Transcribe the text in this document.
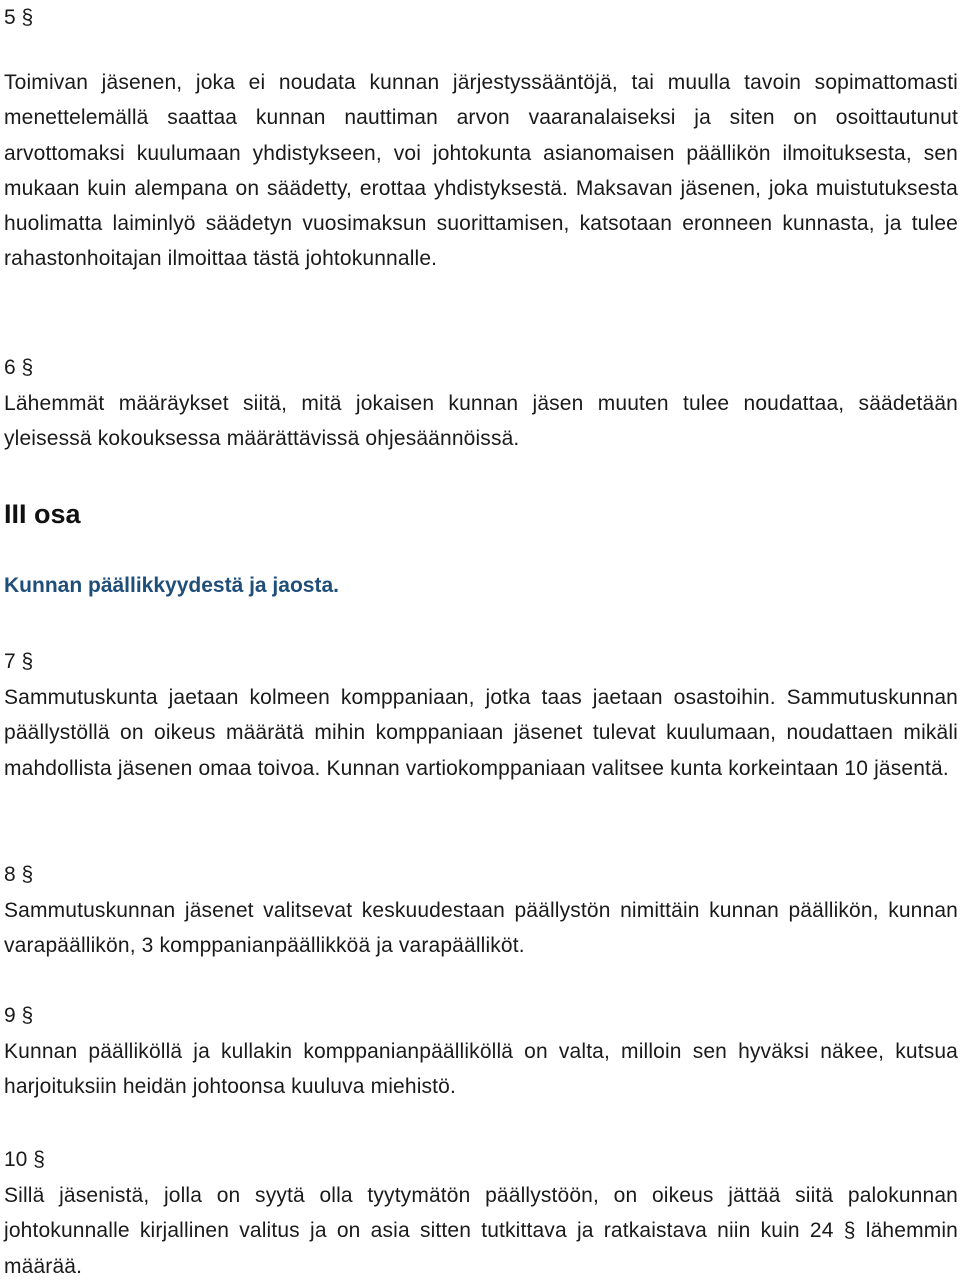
5 §

Toimivan jäsenen, joka ei noudata kunnan järjestyssääntöjä, tai muulla tavoin sopimattomasti menettelemällä saattaa kunnan nauttiman arvon vaaranalaiseksi ja siten on osoittautunut arvottomaksi kuulumaan yhdistykseen, voi johtokunta asianomaisen päällikön ilmoituksesta, sen mukaan kuin alempana on säädetty, erottaa yhdistyksestä. Maksavan jäsenen, joka muistutuksesta huolimatta laiminlyö säädetyn vuosimaksun suorittamisen, katsotaan eronneen kunnasta, ja tulee rahastonhoitajan ilmoittaa tästä johtokunnalle.

6 §

Lähemmät määräykset siitä, mitä jokaisen kunnan jäsen muuten tulee noudattaa, säädetään yleisessä kokouksessa määrättävissä ohjesäännöissä.

III osa

Kunnan päällikkyydestä ja jaosta.

7 §

Sammutuskunta jaetaan kolmeen komppaniaan, jotka taas jaetaan osastoihin. Sammutuskunnan päällystöllä on oikeus määrätä mihin komppaniaan jäsenet tulevat kuulumaan, noudattaen mikäli mahdollista jäsenen omaa toivoa. Kunnan vartiokomppaniaan valitsee kunta korkeintaan 10 jäsentä.

8 §

Sammutuskunnan jäsenet valitsevat keskuudestaan päällystön nimittäin kunnan päällikön, kunnan varapäällikön, 3 komppanianpäällikköä ja varapäälliköt.

9 §

Kunnan päälliköllä ja kullakin komppanianpäälliköllä on valta, milloin sen hyväksi näkee, kutsua harjoituksiin heidän johtoonsa kuuluva miehistö.

10 §

Sillä jäsenistä, jolla on syytä olla tyytymätön päällystöön, on oikeus jättää siitä palokunnan johtokunnalle kirjallinen valitus ja on asia sitten tutkittava ja ratkaistava niin kuin 24 § lähemmin määrää.
